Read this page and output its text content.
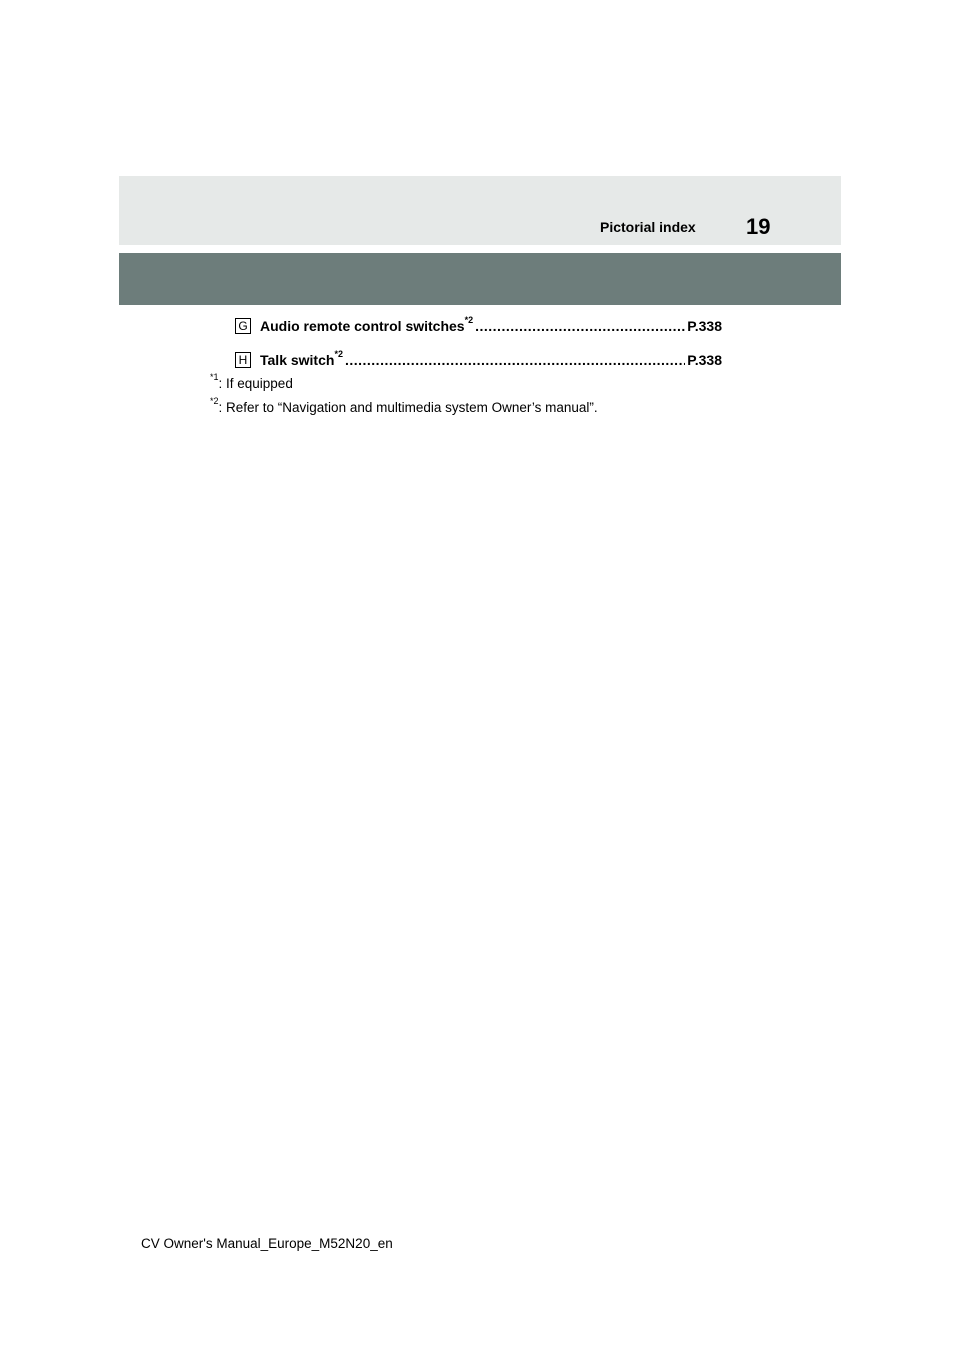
Pictorial index 19
G Audio remote control switches$^{*2}$ .....	P.338
H Talk switch$^{*2}$ .....	P.338
$^{*1}$: If equipped
$^{*2}$: Refer to “Navigation and multimedia system Owner’s manual”.
CV Owner's Manual_Europe_M52N20_en
